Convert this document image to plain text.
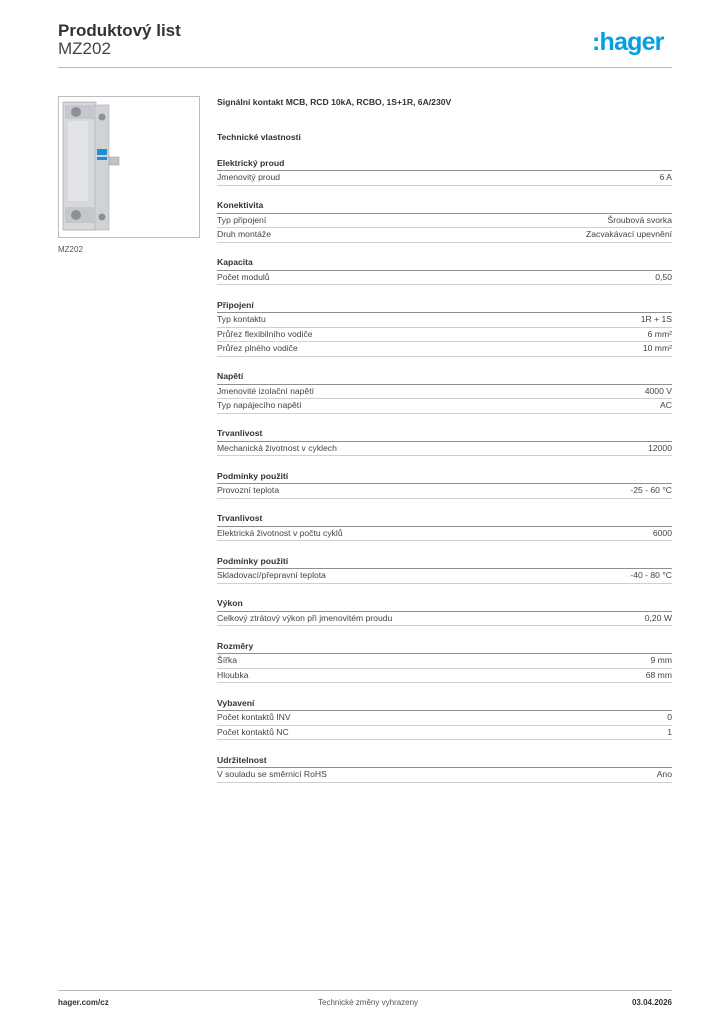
Produktový list
MZ202	:hager
MZ202
Signální kontakt MCB, RCD 10kA, RCBO, 1S+1R, 6A/230V
Technické vlastnosti
Elektrický proud
Jmenovitý proud	6 A
Konektivita
Typ připojení	Šroubová svorka
Druh montáže	Zacvakávací upevnění
Kapacita
Počet modulů	0,50
Připojení
Typ kontaktu	1R + 1S
Průřez flexibilního vodiče	6 mm²
Průřez plného vodiče	10 mm²
Napětí
Jmenovité izolační napětí	4000 V
Typ napájecího napětí	AC
Trvanlivost
Mechanická životnost v cyklech	12000
Podmínky použití
Provozní teplota	-25 - 60 °C
Trvanlivost
Elektrická životnost v počtu cyklů	6000
Podmínky použití
Skladovací/přepravní teplota	-40 - 80 °C
Výkon
Celkový ztrátový výkon při jmenovitém proudu	0,20 W
Rozměry
Šířka	9 mm
Hloubka	68 mm
Vybavení
Počet kontaktů INV	0
Počet kontaktů NC	1
Udržitelnost
V souladu se směrnicí RoHS	Ano
hager.com/cz	Technické změny vyhrazeny	03.04.2026
